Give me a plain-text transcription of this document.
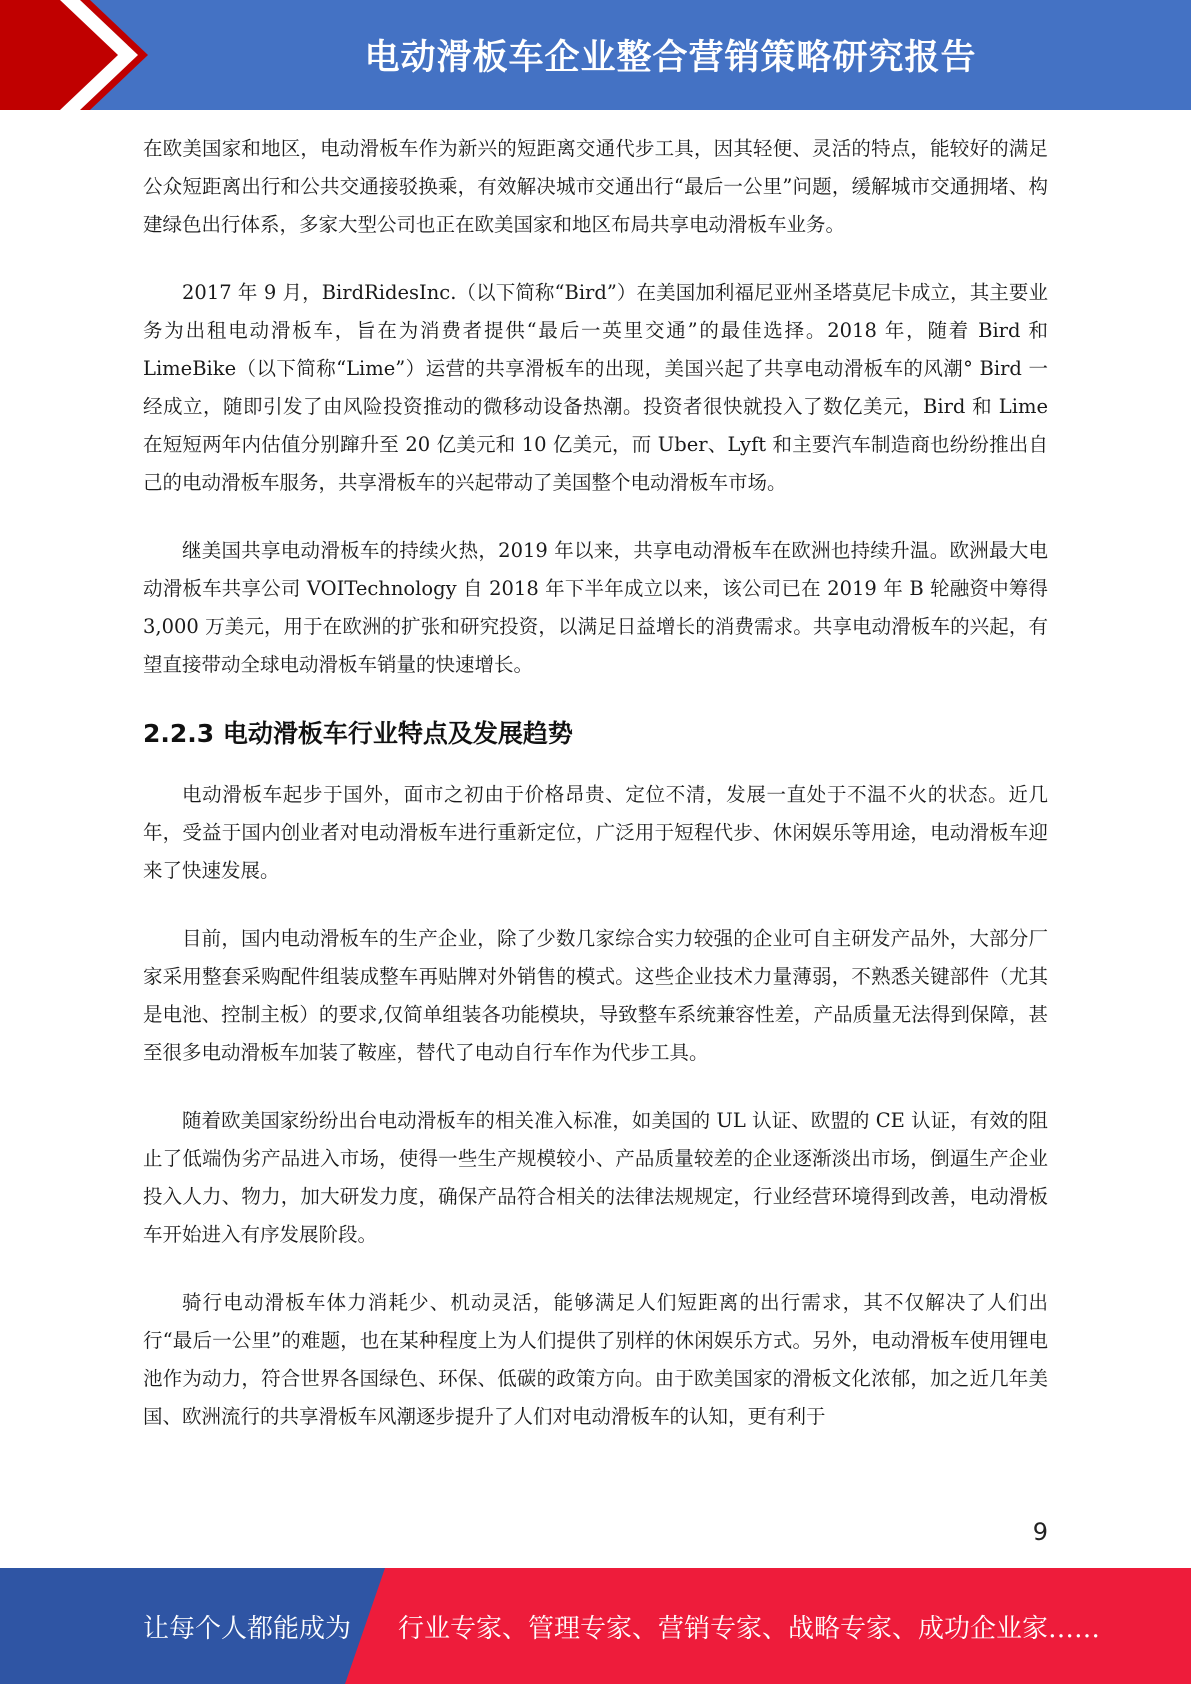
电动滑板车企业整合营销策略研究报告

在欧美国家和地区，电动滑板车作为新兴的短距离交通代步工具，因其轻便、灵活的特点，能较好的满足公众短距离出行和公共交通接驳换乘，有效解决城市交通出行“最后一公里”问题，缓解城市交通拥堵、构建绿色出行体系，多家大型公司也正在欧美国家和地区布局共享电动滑板车业务。

2017 年 9 月，BirdRidesInc.（以下简称“Bird”）在美国加利福尼亚州圣塔莫尼卡成立，其主要业务为出租电动滑板车，旨在为消费者提供“最后一英里交通”的最佳选择。2018 年，随着 Bird 和 LimeBike（以下简称“Lime”）运营的共享滑板车的出现，美国兴起了共享电动滑板车的风潮° Bird 一经成立，随即引发了由风险投资推动的微移动设备热潮。投资者很快就投入了数亿美元，Bird 和 Lime 在短短两年内估值分别蹿升至 20 亿美元和 10 亿美元，而 Uber、Lyft 和主要汽车制造商也纷纷推出自己的电动滑板车服务，共享滑板车的兴起带动了美国整个电动滑板车市场。

继美国共享电动滑板车的持续火热，2019 年以来，共享电动滑板车在欧洲也持续升温。欧洲最大电动滑板车共享公司 VOITechnology 自 2018 年下半年成立以来，该公司已在 2019 年 B 轮融资中筹得 3,000 万美元，用于在欧洲的扩张和研究投资，以满足日益增长的消费需求。共享电动滑板车的兴起，有望直接带动全球电动滑板车销量的快速增长。

2.2.3 电动滑板车行业特点及发展趋势

电动滑板车起步于国外，面市之初由于价格昂贵、定位不清，发展一直处于不温不火的状态。近几年，受益于国内创业者对电动滑板车进行重新定位，广泛用于短程代步、休闲娱乐等用途，电动滑板车迎来了快速发展。

目前，国内电动滑板车的生产企业，除了少数几家综合实力较强的企业可自主研发产品外，大部分厂家采用整套采购配件组装成整车再贴牌对外销售的模式。这些企业技术力量薄弱，不熟悉关键部件（尤其是电池、控制主板）的要求,仅简单组装各功能模块，导致整车系统兼容性差，产品质量无法得到保障，甚至很多电动滑板车加装了鞍座，替代了电动自行车作为代步工具。

随着欧美国家纷纷出台电动滑板车的相关准入标准，如美国的 UL 认证、欧盟的 CE 认证，有效的阻止了低端伪劣产品进入市场，使得一些生产规模较小、产品质量较差的企业逐渐淡出市场，倒逼生产企业投入人力、物力，加大研发力度，确保产品符合相关的法律法规规定，行业经营环境得到改善，电动滑板车开始进入有序发展阶段。

骑行电动滑板车体力消耗少、机动灵活，能够满足人们短距离的出行需求，其不仅解决了人们出行“最后一公里”的难题，也在某种程度上为人们提供了别样的休闲娱乐方式。另外，电动滑板车使用锂电池作为动力，符合世界各国绿色、环保、低碳的政策方向。由于欧美国家的滑板文化浓郁，加之近几年美国、欧洲流行的共享滑板车风潮逐步提升了人们对电动滑板车的认知，更有利于

9
让每个人都能成为 行业专家、管理专家、营销专家、战略专家、成功企业家……
